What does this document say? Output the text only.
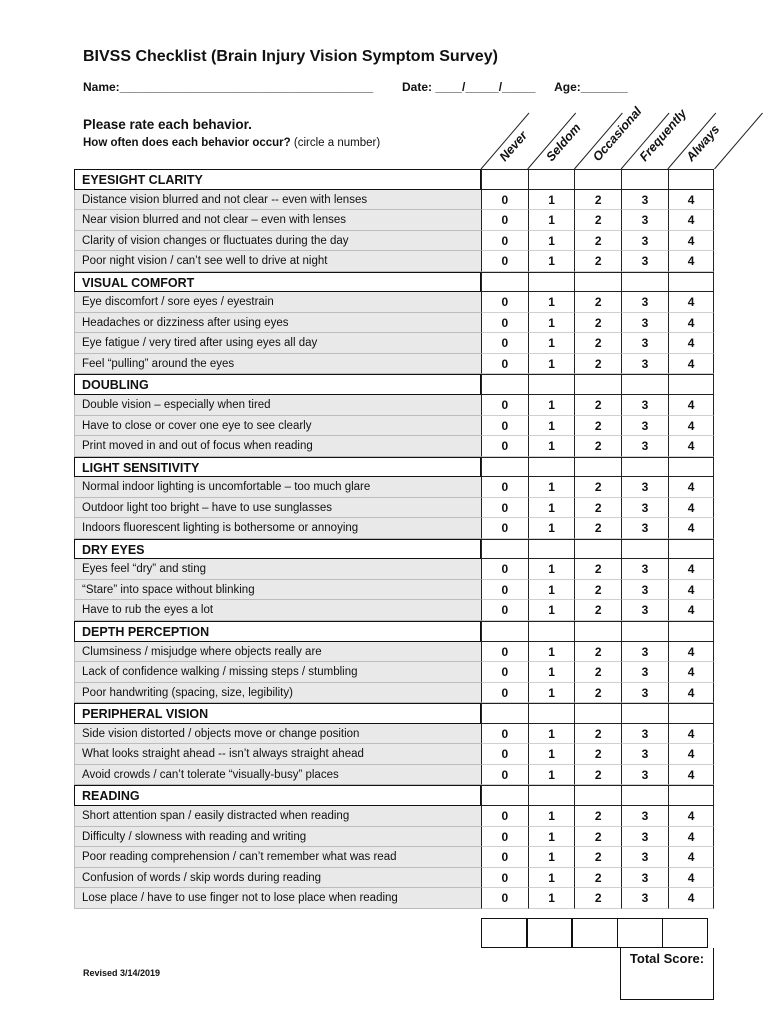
BIVSS Checklist (Brain Injury Vision Symptom Survey)
Name:______________________________________ Date: ____/_____/_____ Age:_______
Please rate each behavior.
How often does each behavior occur? (circle a number)	Never Seldom Occasional
Frequently
Always
EYESIGHT CLARITY
Distance vision blurred and not clear -- even with lenses	0	1	2	3	4
Near vision blurred and not clear – even with lenses	0	1	2	3	4
Clarity of vision changes or fluctuates during the day	0	1	2	3	4
Poor night vision / can’t see well to drive at night	0	1	2	3	4
VISUAL COMFORT
Eye discomfort / sore eyes / eyestrain	0	1	2	3	4
Headaches or dizziness after using eyes	0	1	2	3	4
Eye fatigue / very tired after using eyes all day	0	1	2	3	4
Feel “pulling” around the eyes	0	1	2	3	4
DOUBLING
Double vision – especially when tired	0	1	2	3	4
Have to close or cover one eye to see clearly	0	1	2	3	4
Print moved in and out of focus when reading	0	1	2	3	4
LIGHT SENSITIVITY
Normal indoor lighting is uncomfortable – too much glare	0	1	2	3	4
Outdoor light too bright – have to use sunglasses	0	1	2	3	4
Indoors fluorescent lighting is bothersome or annoying	0	1	2	3	4
DRY EYES
Eyes feel “dry” and sting	0	1	2	3	4
“Stare” into space without blinking	0	1	2	3	4
Have to rub the eyes a lot	0	1	2	3	4
DEPTH PERCEPTION
Clumsiness / misjudge where objects really are	0	1	2	3	4
Lack of confidence walking / missing steps / stumbling	0	1	2	3	4
Poor handwriting (spacing, size, legibility)	0	1	2	3	4
PERIPHERAL VISION
Side vision distorted / objects move or change position	0	1	2	3	4
What looks straight ahead -- isn’t always straight ahead	0	1	2	3	4
Avoid crowds / can’t tolerate “visually-busy” places	0	1	2	3	4
READING
Short attention span / easily distracted when reading	0	1	2	3	4
Difficulty / slowness with reading and writing	0	1	2	3	4
Poor reading comprehension / can’t remember what was read	0	1	2	3	4
Confusion of words / skip words during reading	0	1	2	3	4
Lose place / have to use finger not to lose place when reading	0	1	2	3	4
Total Score:
Revised 3/14/2019
